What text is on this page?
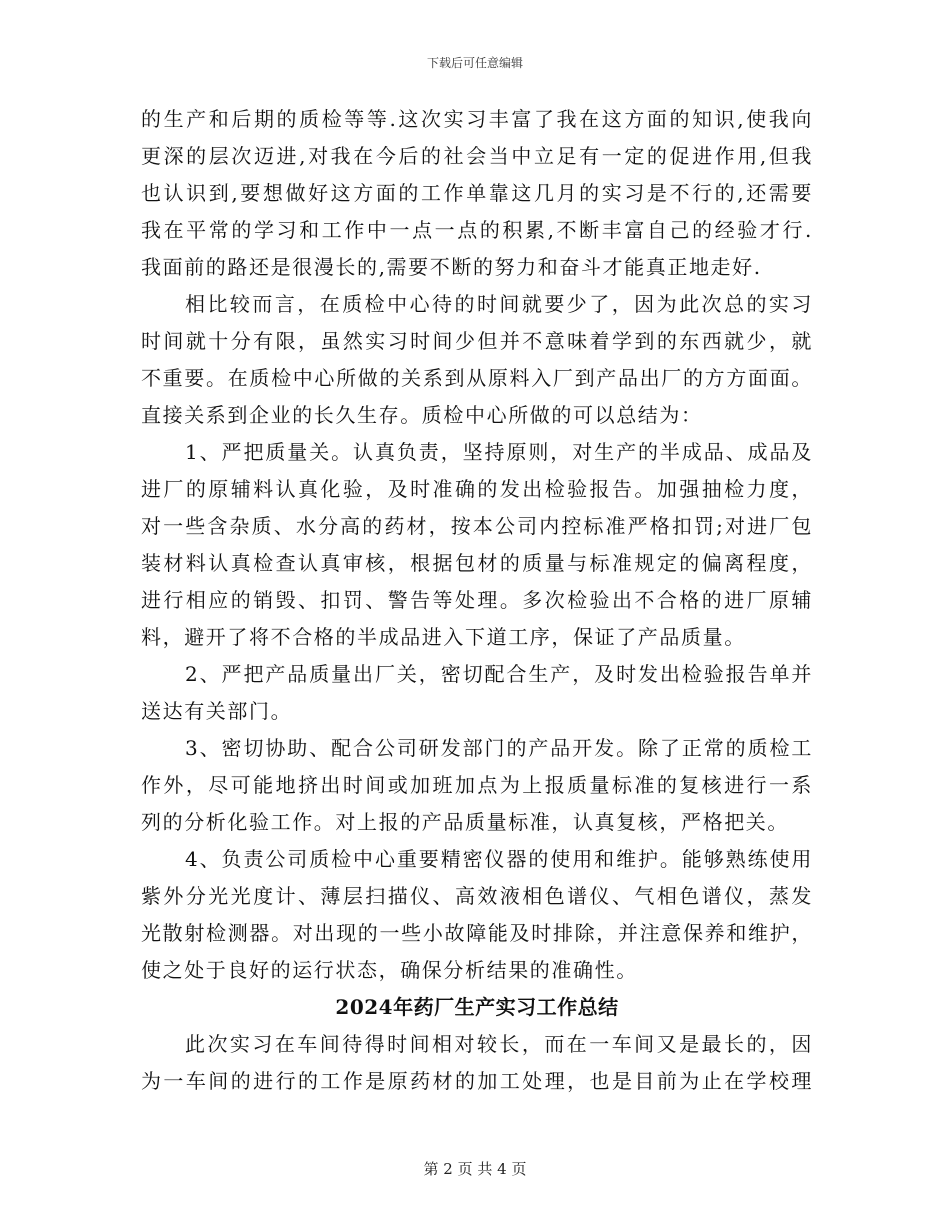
下载后可任意编辑
的生产和后期的质检等等.这次实习丰富了我在这方面的知识,使我向
更深的层次迈进,对我在今后的社会当中立足有一定的促进作用,但我
也认识到,要想做好这方面的工作单靠这几月的实习是不行的,还需要
我在平常的学习和工作中一点一点的积累,不断丰富自己的经验才行.
我面前的路还是很漫长的,需要不断的努力和奋斗才能真正地走好.
相比较而言，在质检中心待的时间就要少了，因为此次总的实习
时间就十分有限，虽然实习时间少但并不意味着学到的东西就少，就
不重要。在质检中心所做的关系到从原料入厂到产品出厂的方方面面。
直接关系到企业的长久生存。质检中心所做的可以总结为：
1、严把质量关。认真负责，坚持原则，对生产的半成品、成品及
进厂的原辅料认真化验，及时准确的发出检验报告。加强抽检力度，
对一些含杂质、水分高的药材，按本公司内控标准严格扣罚;对进厂包
装材料认真检查认真审核，根据包材的质量与标准规定的偏离程度，
进行相应的销毁、扣罚、警告等处理。多次检验出不合格的进厂原辅
料，避开了将不合格的半成品进入下道工序，保证了产品质量。
2、严把产品质量出厂关，密切配合生产，及时发出检验报告单并
送达有关部门。
3、密切协助、配合公司研发部门的产品开发。除了正常的质检工
作外，尽可能地挤出时间或加班加点为上报质量标准的复核进行一系
列的分析化验工作。对上报的产品质量标准，认真复核，严格把关。
4、负责公司质检中心重要精密仪器的使用和维护。能够熟练使用
紫外分光光度计、薄层扫描仪、高效液相色谱仪、气相色谱仪，蒸发
光散射检测器。对出现的一些小故障能及时排除，并注意保养和维护，
使之处于良好的运行状态，确保分析结果的准确性。
2024年药厂生产实习工作总结
此次实习在车间待得时间相对较长，而在一车间又是最长的，因
为一车间的进行的工作是原药材的加工处理，也是目前为止在学校理
第 2 页 共 4 页
